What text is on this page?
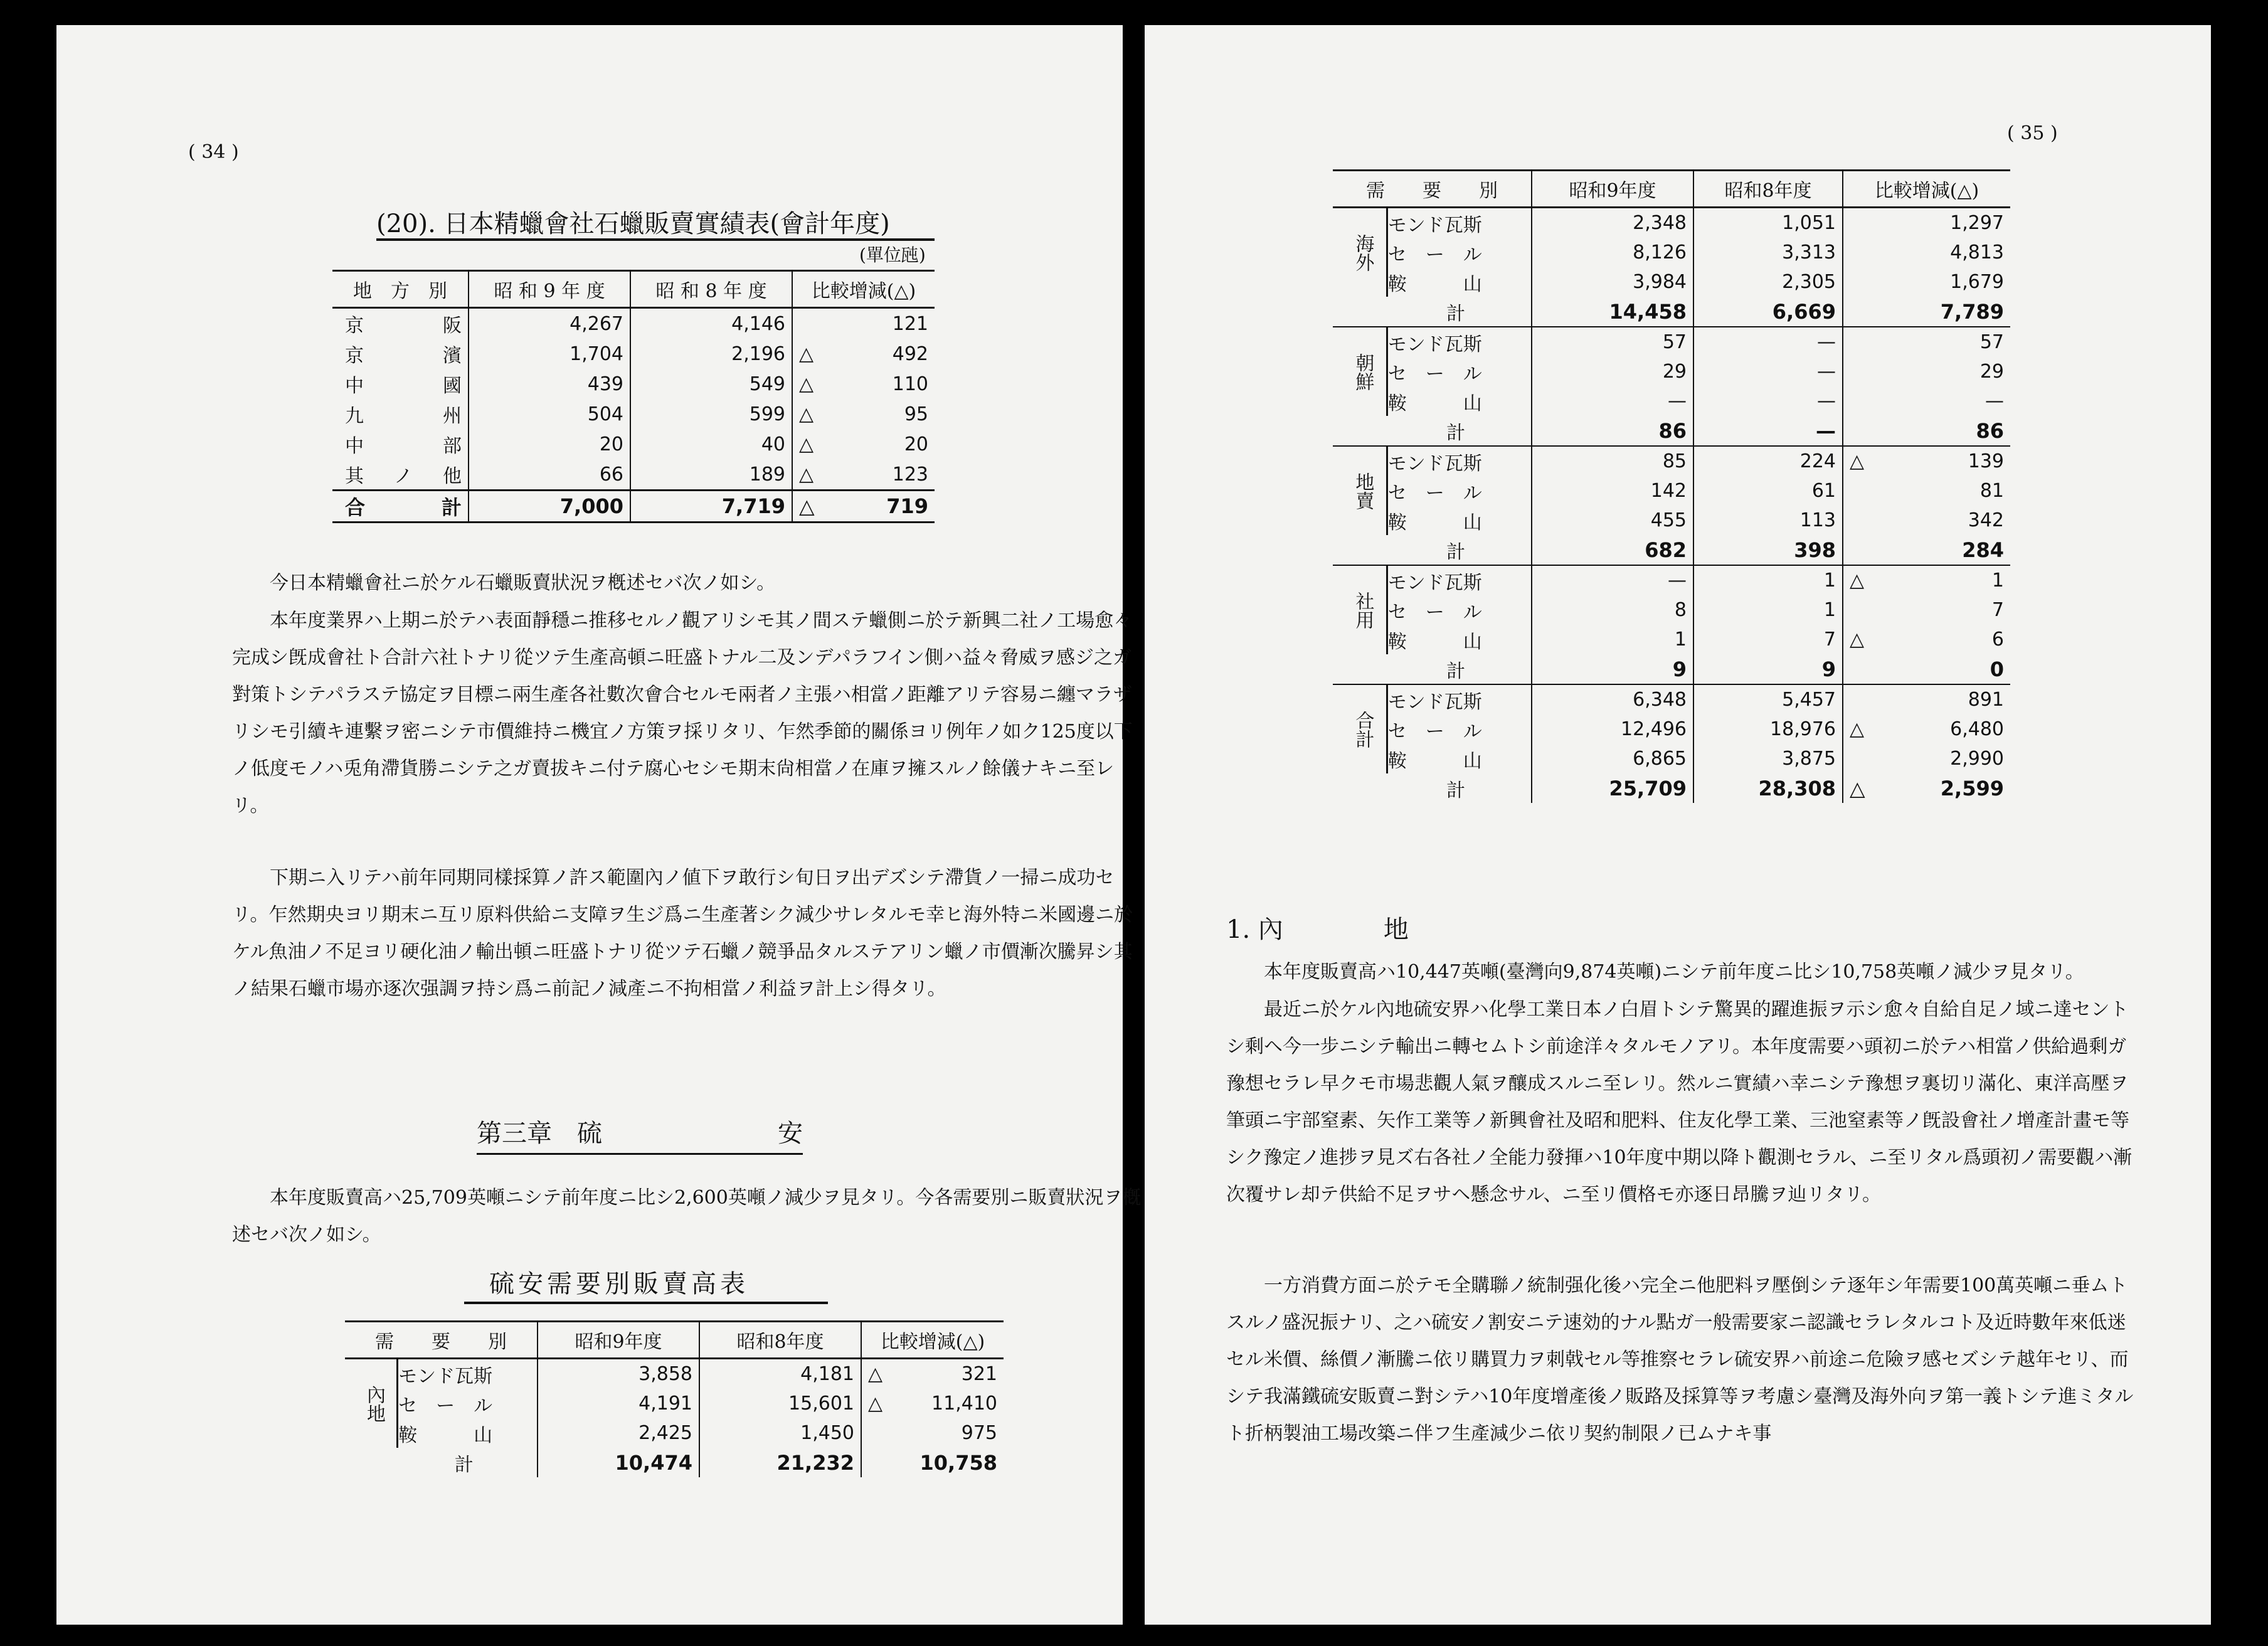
( 34 )
(20). 日本精蠟會社石蠟販賣實績表(會計年度)
(單位瓲)
地　方　別	昭 和 9 年 度	昭 和 8 年 度	比較增減(△)
京　　阪	4,267	4,146	121
京　　濱	1,704	2,196	△ 492
中　　國	439	549	△ 110
九　　州	504	599	△ 95
中　　部	20	40	△ 20
其　ノ　他	66	189	△ 123
合　　計	7,000	7,719	△ 719
今日本精蠟會社ニ於ケル石蠟販賣狀況ヲ槪述セバ次ノ如シ。
本年度業界ハ上期ニ於テハ表面靜穩ニ推移セルノ觀アリシモ其ノ間ステ蠟側ニ於テ新興二社ノ工場愈々完成シ旣成會社ト合計六社トナリ從ツテ生產高頓ニ旺盛トナル二及ンデパラフイン側ハ益々脅威ヲ感ジ之ガ對策トシテパラステ協定ヲ目標ニ兩生產各社數次會合セルモ兩者ノ主張ハ相當ノ距離アリテ容易ニ纏マラザリシモ引續キ連繫ヲ密ニシテ市價維持ニ機宜ノ方策ヲ採リタリ、乍然季節的關係ヨリ例年ノ如ク125度以下ノ低度モノハ兎角滯貨勝ニシテ之ガ賣拔キニ付テ腐心セシモ期末尙相當ノ在庫ヲ擁スルノ餘儀ナキニ至レリ。
下期ニ入リテハ前年同期同樣採算ノ許ス範圍內ノ値下ヲ敢行シ旬日ヲ出デズシテ滯貨ノ一掃ニ成功セリ。乍然期央ヨリ期末ニ互リ原料供給ニ支障ヲ生ジ爲ニ生產著シク減少サレタルモ幸ヒ海外特ニ米國邊ニ於ケル魚油ノ不足ヨリ硬化油ノ輸出頓ニ旺盛トナリ從ツテ石蠟ノ競爭品タルステアリン蠟ノ市價漸次騰昇シ其ノ結果石蠟市場亦逐次强調ヲ持シ爲ニ前記ノ減產ニ不拘相當ノ利益ヲ計上シ得タリ。
第三章　硫　　　　　　　安
本年度販賣高ハ25,709英噸ニシテ前年度ニ比シ2,600英噸ノ減少ヲ見タリ。今各需要別ニ販賣狀況ヲ槪述セバ次ノ如シ。
硫安需要別販賣高表
需　　要　　別		昭和9年度	昭和8年度	比較增減(△)
內地	モンド瓦斯	3,858	4,181	△ 321
	セ　ー　ル	4,191	15,601	△ 11,410
	鞍　　　山	2,425	1,450	975
	計	10,474	21,232	10,758
( 35 )
需　　要　　別		昭和9年度	昭和8年度	比較增減(△)
海外	モンド瓦斯	2,348	1,051	1,297
	セ　ー　ル	8,126	3,313	4,813
	鞍　　　山	3,984	2,305	1,679
	計	14,458	6,669	7,789
朝鮮	モンド瓦斯	57	—	57
	セ　ー　ル	29	—	29
	鞍　　　山	—	—	—
	計	86	—	86
地賣	モンド瓦斯	85	224	△ 139
	セ　ー　ル	142	61	81
	鞍　　　山	455	113	342
	計	682	398	284
社用	モンド瓦斯	—	1	△ 1
	セ　ー　ル	8	1	7
	鞍　　　山	1	7	△ 6
	計	9	9	0
合計	モンド瓦斯	6,348	5,457	891
	セ　ー　ル	12,496	18,976	△ 6,480
	鞍　　　山	6,865	3,875	2,990
	計	25,709	28,308	△ 2,599
1. 內　　　　地
本年度販賣高ハ10,447英噸(臺灣向9,874英噸)ニシテ前年度ニ比シ10,758英噸ノ減少ヲ見タリ。
最近ニ於ケル內地硫安界ハ化學工業日本ノ白眉トシテ驚異的躍進振ヲ示シ愈々自給自足ノ域ニ達セントシ剩ヘ今一步ニシテ輸出ニ轉セムトシ前途洋々タルモノアリ。本年度需要ハ頭初ニ於テハ相當ノ供給過剩ガ豫想セラレ早クモ市場悲觀人氣ヲ釀成スルニ至レリ。然ルニ實績ハ幸ニシテ豫想ヲ裏切リ滿化、東洋高壓ヲ筆頭ニ宇部窒素、矢作工業等ノ新興會社及昭和肥料、住友化學工業、三池窒素等ノ旣設會社ノ增產計畫モ等シク豫定ノ進捗ヲ見ズ右各社ノ全能力發揮ハ10年度中期以降ト觀測セラル、ニ至リタル爲頭初ノ需要觀ハ漸次覆サレ却テ供給不足ヲサヘ懸念サル、ニ至リ價格モ亦逐日昂騰ヲ辿リタリ。
一方消費方面ニ於テモ全購聯ノ統制强化後ハ完全ニ他肥料ヲ壓倒シテ逐年シ年需要100萬英噸ニ垂ムトスルノ盛況振ナリ、之ハ硫安ノ割安ニテ速効的ナル點ガ一般需要家ニ認識セラレタルコト及近時數年來低迷セル米價、絲價ノ漸騰ニ依リ購買力ヲ刺戟セル等推察セラレ硫安界ハ前途ニ危險ヲ感セズシテ越年セリ、而シテ我滿鐵硫安販賣ニ對シテハ10年度增產後ノ販路及採算等ヲ考慮シ臺灣及海外向ヲ第一義トシテ進ミタルト折柄製油工場改築ニ伴フ生產減少ニ依リ契約制限ノ已ムナキ事
